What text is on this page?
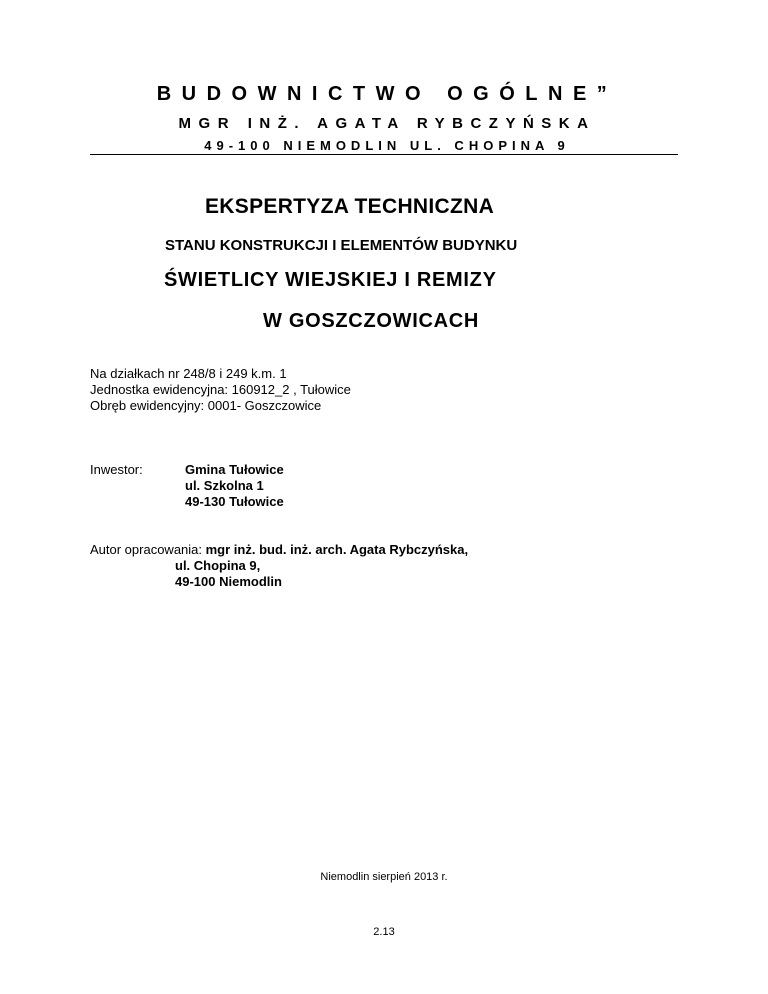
BUDOWNICTWO OGÓLNE”
MGR INŻ. AGATA RYBCZYŃSKA
49-100 NIEMODLIN UL. CHOPINA 9
EKSPERTYZA TECHNICZNA
STANU KONSTRUKCJI I ELEMENTÓW BUDYNKU
ŚWIETLICY WIEJSKIEJ I REMIZY
W GOSZCZOWICACH
Na działkach nr 248/8 i 249 k.m. 1
Jednostka ewidencyjna: 160912_2 , Tułowice
Obręb ewidencyjny: 0001- Goszczowice
Inwestor:	Gmina Tułowice
ul. Szkolna 1
49-130 Tułowice
Autor opracowania: mgr inż. bud. inż. arch. Agata Rybczyńska,
ul. Chopina 9,
49-100 Niemodlin
Niemodlin sierpień 2013 r.
2.13
